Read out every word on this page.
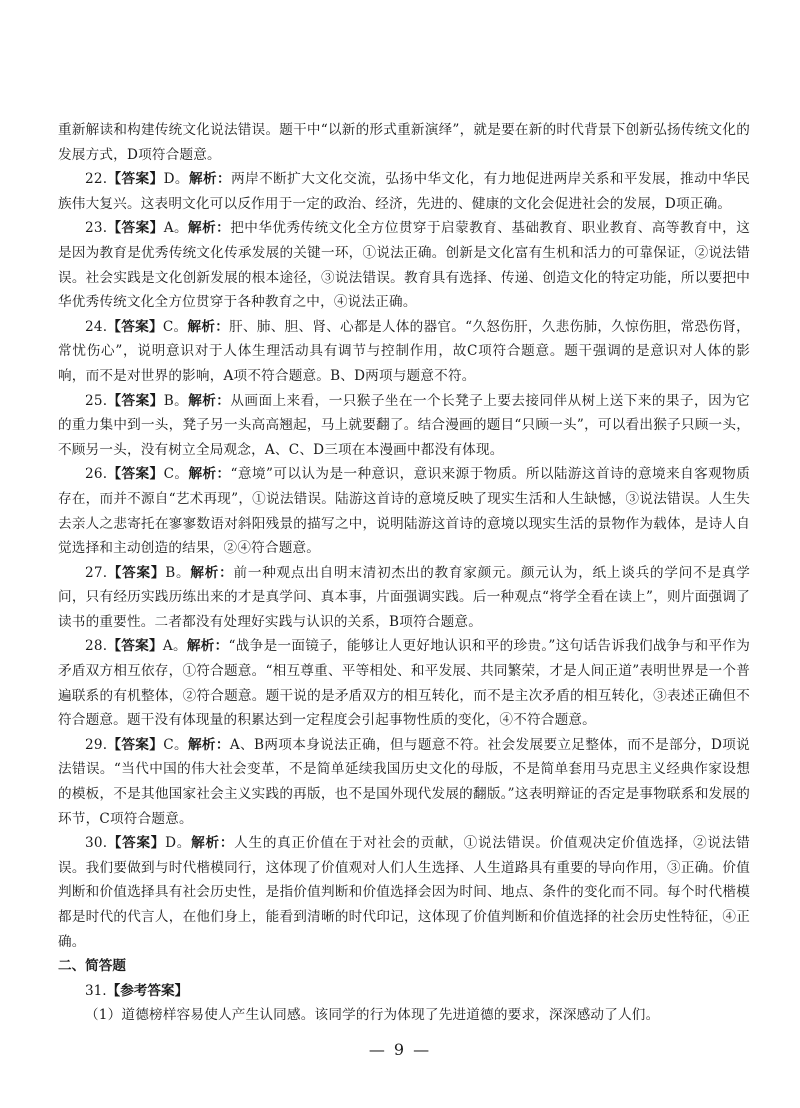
重新解读和构建传统文化说法错误。题干中“以新的形式重新演绎”，就是要在新的时代背景下创新弘扬传统文化的发展方式，D项符合题意。

22.【答案】D。解析：两岸不断扩大文化交流，弘扬中华文化，有力地促进两岸关系和平发展，推动中华民族伟大复兴。这表明文化可以反作用于一定的政治、经济，先进的、健康的文化会促进社会的发展，D项正确。

23.【答案】A。解析：把中华优秀传统文化全方位贯穿于启蒙教育、基础教育、职业教育、高等教育中，这是因为教育是优秀传统文化传承发展的关键一环，①说法正确。创新是文化富有生机和活力的可靠保证，②说法错误。社会实践是文化创新发展的根本途径，③说法错误。教育具有选择、传递、创造文化的特定功能，所以要把中华优秀传统文化全方位贯穿于各种教育之中，④说法正确。

24.【答案】C。解析：肝、肺、胆、肾、心都是人体的器官。“久怒伤肝，久悲伤肺，久惊伤胆，常恐伤肾，常忧伤心”，说明意识对于人体生理活动具有调节与控制作用，故C项符合题意。题干强调的是意识对人体的影响，而不是对世界的影响，A项不符合题意。B、D两项与题意不符。

25.【答案】B。解析：从画面上来看，一只猴子坐在一个长凳子上要去接同伴从树上送下来的果子，因为它的重力集中到一头，凳子另一头高高翘起，马上就要翻了。结合漫画的题目“只顾一头”，可以看出猴子只顾一头，不顾另一头，没有树立全局观念，A、C、D三项在本漫画中都没有体现。

26.【答案】C。解析：“意境”可以认为是一种意识，意识来源于物质。所以陆游这首诗的意境来自客观物质存在，而并不源自“艺术再现”，①说法错误。陆游这首诗的意境反映了现实生活和人生缺憾，③说法错误。人生失去亲人之悲寄托在寥寥数语对斜阳残景的描写之中，说明陆游这首诗的意境以现实生活的景物作为载体，是诗人自觉选择和主动创造的结果，②④符合题意。

27.【答案】B。解析：前一种观点出自明末清初杰出的教育家颜元。颜元认为，纸上谈兵的学问不是真学问，只有经历实践历练出来的才是真学问、真本事，片面强调实践。后一种观点“将学全看在读上”，则片面强调了读书的重要性。二者都没有处理好实践与认识的关系，B项符合题意。

28.【答案】A。解析：“战争是一面镜子，能够让人更好地认识和平的珍贵。”这句话告诉我们战争与和平作为矛盾双方相互依存，①符合题意。“相互尊重、平等相处、和平发展、共同繁荣，才是人间正道”表明世界是一个普遍联系的有机整体，②符合题意。题干说的是矛盾双方的相互转化，而不是主次矛盾的相互转化，③表述正确但不符合题意。题干没有体现量的积累达到一定程度会引起事物性质的变化，④不符合题意。

29.【答案】C。解析：A、B两项本身说法正确，但与题意不符。社会发展要立足整体，而不是部分，D项说法错误。“当代中国的伟大社会变革，不是简单延续我国历史文化的母版，不是简单套用马克思主义经典作家设想的模板，不是其他国家社会主义实践的再版，也不是国外现代发展的翻版。”这表明辩证的否定是事物联系和发展的环节，C项符合题意。

30.【答案】D。解析：人生的真正价值在于对社会的贡献，①说法错误。价值观决定价值选择，②说法错误。我们要做到与时代楷模同行，这体现了价值观对人们人生选择、人生道路具有重要的导向作用，③正确。价值判断和价值选择具有社会历史性，是指价值判断和价值选择会因为时间、地点、条件的变化而不同。每个时代楷模都是时代的代言人，在他们身上，能看到清晰的时代印记，这体现了价值判断和价值选择的社会历史性特征，④正确。

二、简答题

31.【参考答案】

（1）道德榜样容易使人产生认同感。该同学的行为体现了先进道德的要求，深深感动了人们。

— 9 —
